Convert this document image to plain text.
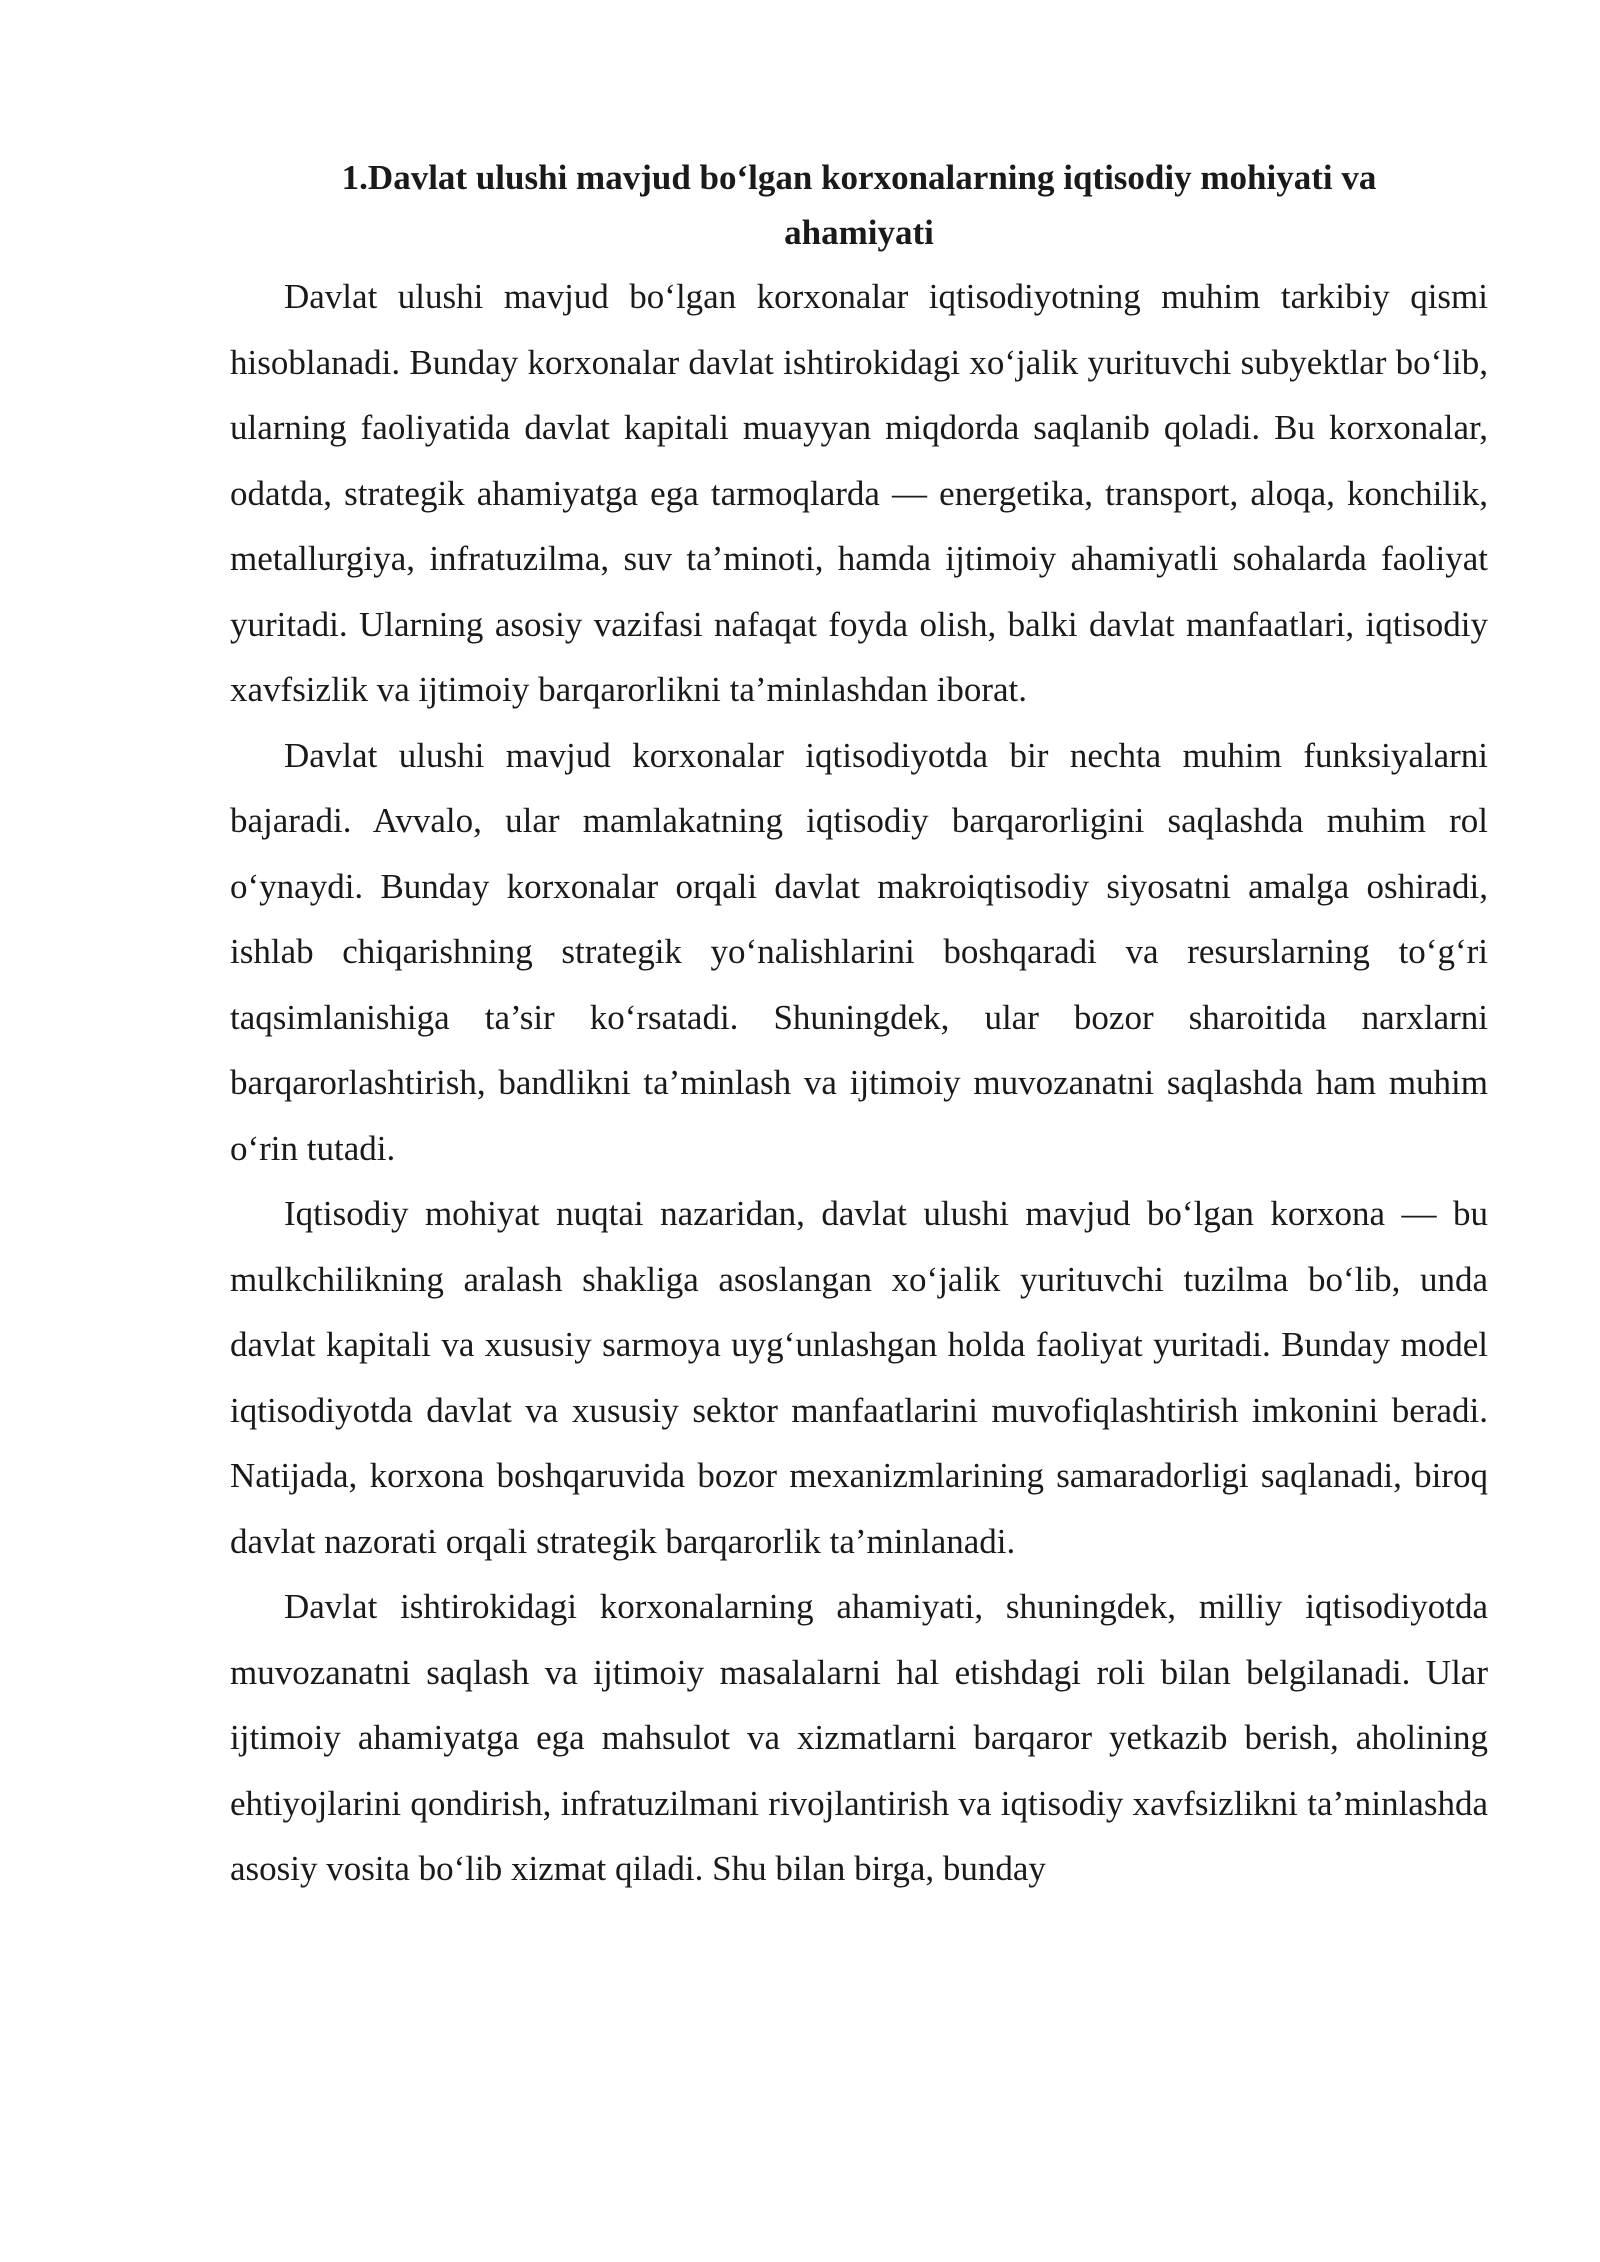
1.Davlat ulushi mavjud bo‘lgan korxonalarning iqtisodiy mohiyati va ahamiyati

Davlat ulushi mavjud bo‘lgan korxonalar iqtisodiyotning muhim tarkibiy qismi hisoblanadi. Bunday korxonalar davlat ishtirokidagi xo‘jalik yurituvchi subyektlar bo‘lib, ularning faoliyatida davlat kapitali muayyan miqdorda saqlanib qoladi. Bu korxonalar, odatda, strategik ahamiyatga ega tarmoqlarda — energetika, transport, aloqa, konchilik, metallurgiya, infratuzilma, suv ta’minoti, hamda ijtimoiy ahamiyatli sohalarda faoliyat yuritadi. Ularning asosiy vazifasi nafaqat foyda olish, balki davlat manfaatlari, iqtisodiy xavfsizlik va ijtimoiy barqarorlikni ta’minlashdan iborat.

Davlat ulushi mavjud korxonalar iqtisodiyotda bir nechta muhim funksiyalarni bajaradi. Avvalo, ular mamlakatning iqtisodiy barqarorligini saqlashda muhim rol o‘ynaydi. Bunday korxonalar orqali davlat makroiqtisodiy siyosatni amalga oshiradi, ishlab chiqarishning strategik yo‘nalishlarini boshqaradi va resurslarning to‘g‘ri taqsimlanishiga ta’sir ko‘rsatadi. Shuningdek, ular bozor sharoitida narxlarni barqarorlashtirish, bandlikni ta’minlash va ijtimoiy muvozanatni saqlashda ham muhim o‘rin tutadi.

Iqtisodiy mohiyat nuqtai nazaridan, davlat ulushi mavjud bo‘lgan korxona — bu mulkchilikning aralash shakliga asoslangan xo‘jalik yurituvchi tuzilma bo‘lib, unda davlat kapitali va xususiy sarmoya uyg‘unlashgan holda faoliyat yuritadi. Bunday model iqtisodiyotda davlat va xususiy sektor manfaatlarini muvofiqlashtirish imkonini beradi. Natijada, korxona boshqaruvida bozor mexanizmlarining samaradorligi saqlanadi, biroq davlat nazorati orqali strategik barqarorlik ta’minlanadi.

Davlat ishtirokidagi korxonalarning ahamiyati, shuningdek, milliy iqtisodiyotda muvozanatni saqlash va ijtimoiy masalalarni hal etishdagi roli bilan belgilanadi. Ular ijtimoiy ahamiyatga ega mahsulot va xizmatlarni barqaror yetkazib berish, aholining ehtiyojlarini qondirish, infratuzilmani rivojlantirish va iqtisodiy xavfsizlikni ta’minlashda asosiy vosita bo‘lib xizmat qiladi. Shu bilan birga, bunday
